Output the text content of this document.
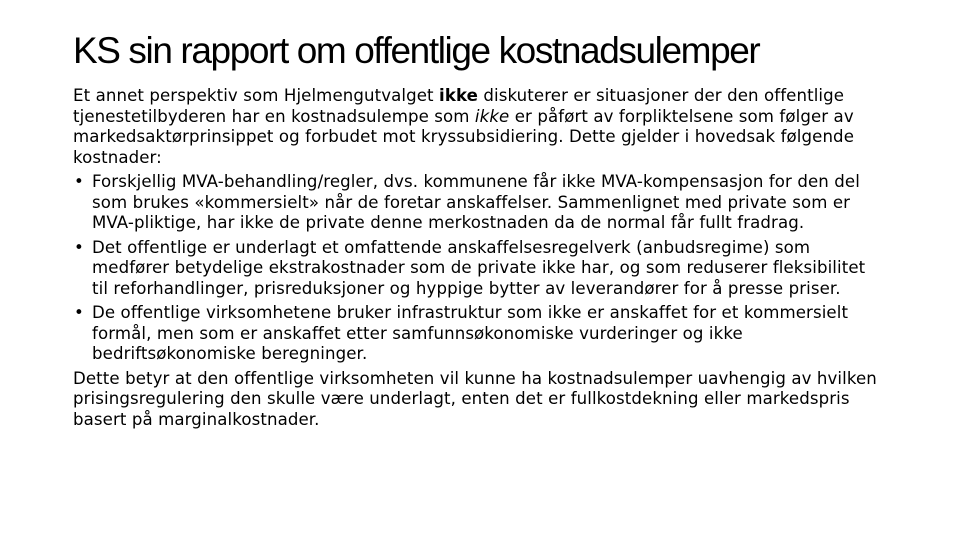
KS sin rapport om offentlige kostnadsulemper

Et annet perspektiv som Hjelmengutvalget ikke diskuterer er situasjoner der den offentlige tjenestetilbyderen har en kostnadsulempe som ikke er påført av forpliktelsene som følger av markedsaktørprinsippet og forbudet mot kryssubsidiering. Dette gjelder i hovedsak følgende kostnader:

• Forskjellig MVA-behandling/regler, dvs. kommunene får ikke MVA-kompensasjon for den del som brukes «kommersielt» når de foretar anskaffelser. Sammenlignet med private som er MVA-pliktige, har ikke de private denne merkostnaden da de normal får fullt fradrag.
• Det offentlige er underlagt et omfattende anskaffelsesregelverk (anbudsregime) som medfører betydelige ekstrakostnader som de private ikke har, og som reduserer fleksibilitet til reforhandlinger, prisreduksjoner og hyppige bytter av leverandører for å presse priser.
• De offentlige virksomhetene bruker infrastruktur som ikke er anskaffet for et kommersielt formål, men som er anskaffet etter samfunnsøkonomiske vurderinger og ikke bedriftsøkonomiske beregninger.

Dette betyr at den offentlige virksomheten vil kunne ha kostnadsulemper uavhengig av hvilken prisingsregulering den skulle være underlagt, enten det er fullkostdekning eller markedspris basert på marginalkostnader.
